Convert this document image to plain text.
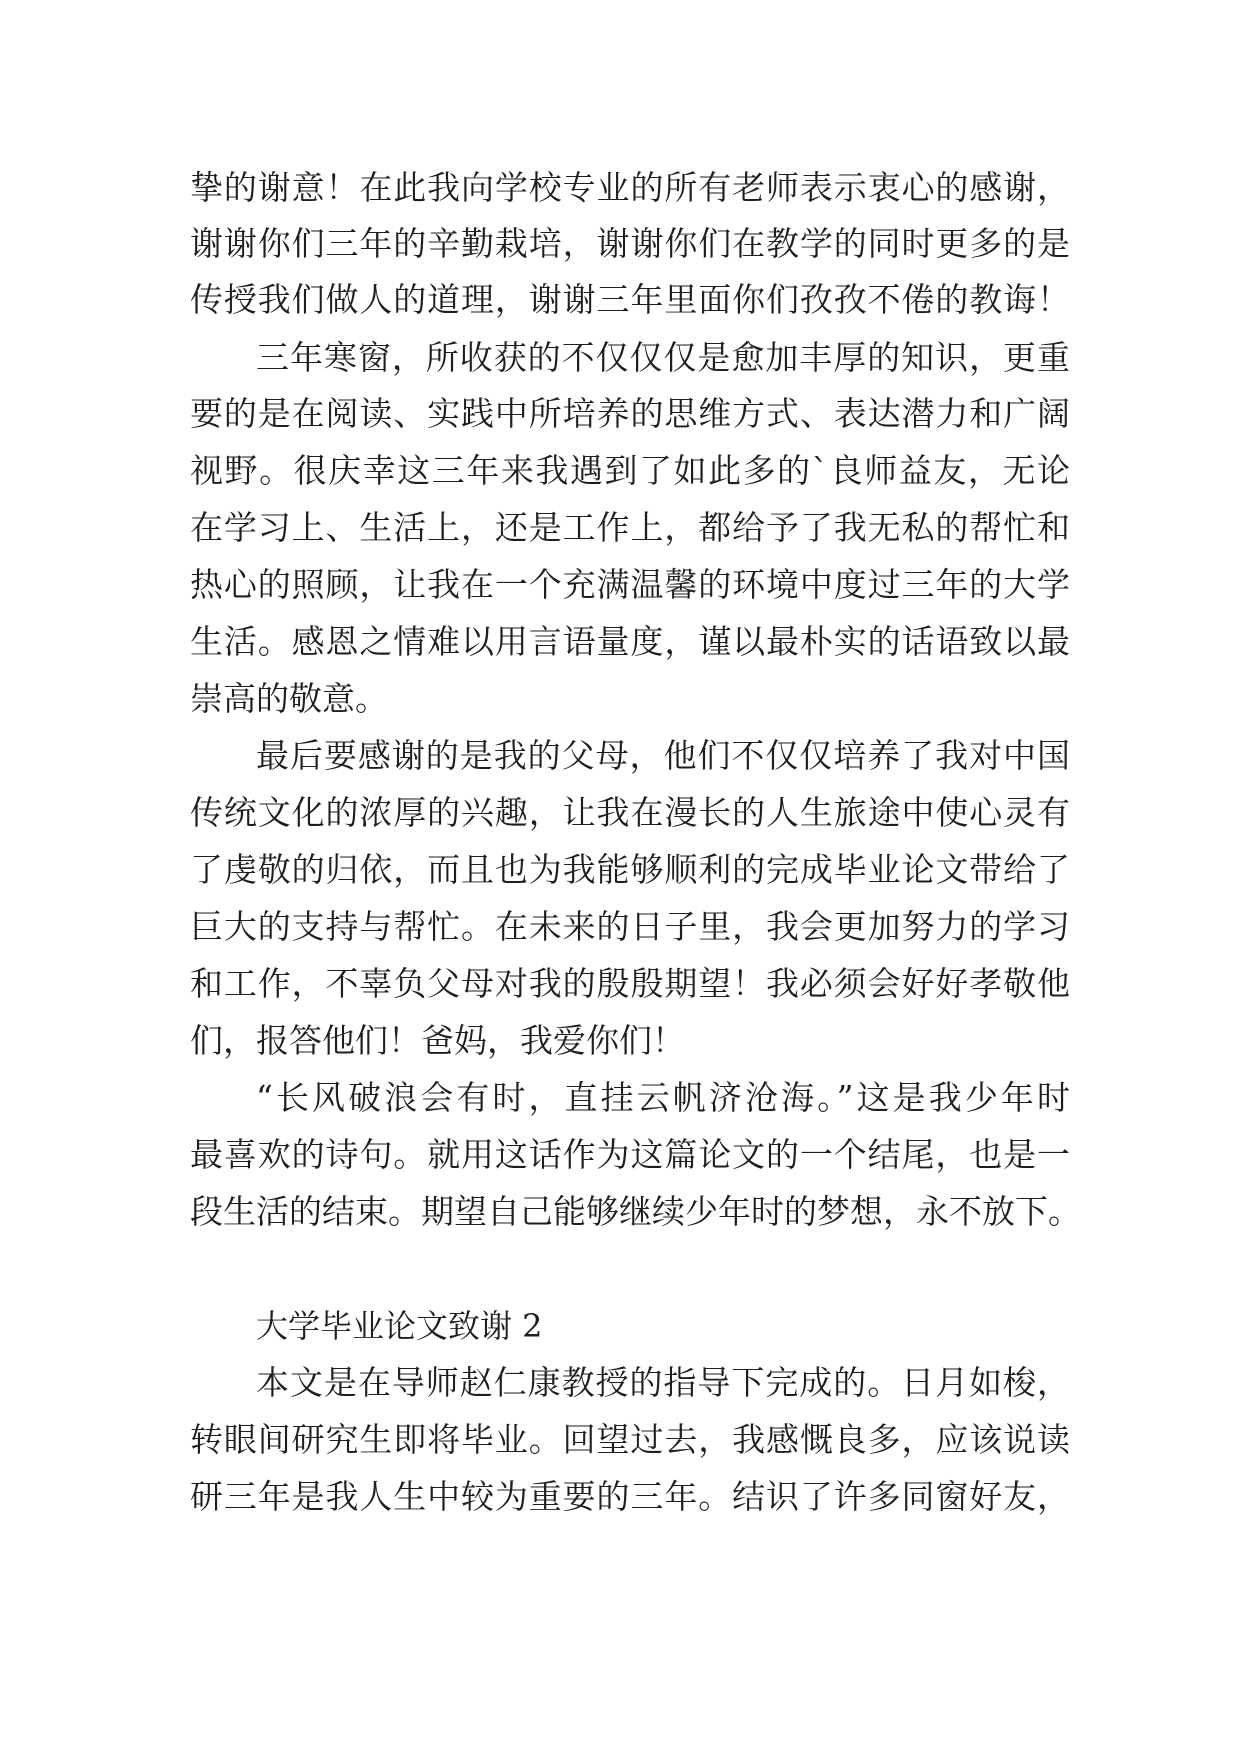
挚的谢意！在此我向学校专业的所有老师表示衷心的感谢，
谢谢你们三年的辛勤栽培，谢谢你们在教学的同时更多的是
传授我们做人的道理，谢谢三年里面你们孜孜不倦的教诲！
三年寒窗，所收获的不仅仅仅是愈加丰厚的知识，更重
要的是在阅读、实践中所培养的思维方式、表达潜力和广阔
视野。很庆幸这三年来我遇到了如此多的`良师益友，无论
在学习上、生活上，还是工作上，都给予了我无私的帮忙和
热心的照顾，让我在一个充满温馨的环境中度过三年的大学
生活。感恩之情难以用言语量度，谨以最朴实的话语致以最
崇高的敬意。
最后要感谢的是我的父母，他们不仅仅培养了我对中国
传统文化的浓厚的兴趣，让我在漫长的人生旅途中使心灵有
了虔敬的归依，而且也为我能够顺利的完成毕业论文带给了
巨大的支持与帮忙。在未来的日子里，我会更加努力的学习
和工作，不辜负父母对我的殷殷期望！我必须会好好孝敬他
们，报答他们！爸妈，我爱你们！
“长风破浪会有时，直挂云帆济沧海。”这是我少年时
最喜欢的诗句。就用这话作为这篇论文的一个结尾，也是一
段生活的结束。期望自己能够继续少年时的梦想，永不放下。
大学毕业论文致谢 2
本文是在导师赵仁康教授的指导下完成的。日月如梭，
转眼间研究生即将毕业。回望过去，我感慨良多，应该说读
研三年是我人生中较为重要的三年。结识了许多同窗好友，
